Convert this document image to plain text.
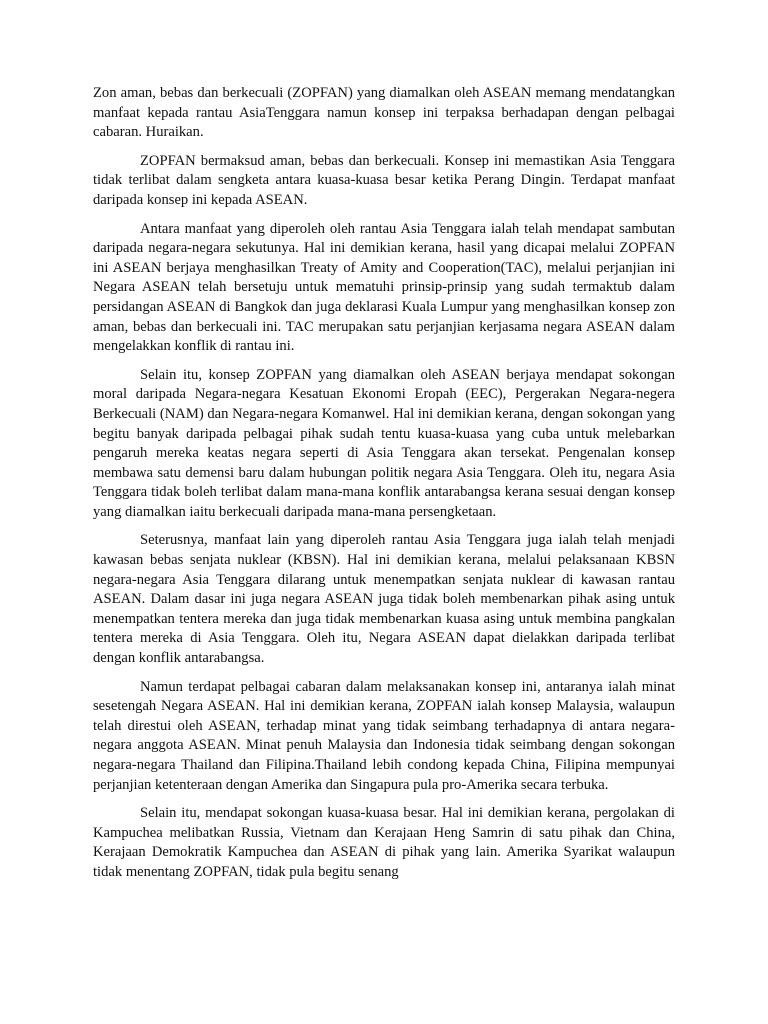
Zon aman, bebas dan berkecuali (ZOPFAN) yang diamalkan oleh ASEAN memang mendatangkan manfaat kepada rantau AsiaTenggara namun konsep ini terpaksa berhadapan dengan pelbagai cabaran. Huraikan.

ZOPFAN bermaksud aman, bebas dan berkecuali. Konsep ini memastikan Asia Tenggara tidak terlibat dalam sengketa antara kuasa-kuasa besar ketika Perang Dingin. Terdapat manfaat daripada konsep ini kepada ASEAN.

Antara manfaat yang diperoleh oleh rantau Asia Tenggara ialah telah mendapat sambutan daripada negara-negara sekutunya. Hal ini demikian kerana, hasil yang dicapai melalui ZOPFAN ini ASEAN berjaya menghasilkan Treaty of Amity and Cooperation(TAC), melalui perjanjian ini Negara ASEAN telah bersetuju untuk mematuhi prinsip-prinsip yang sudah termaktub dalam persidangan ASEAN di Bangkok dan juga deklarasi Kuala Lumpur yang menghasilkan konsep zon aman, bebas dan berkecuali ini. TAC merupakan satu perjanjian kerjasama negara ASEAN dalam mengelakkan konflik di rantau ini.

Selain itu, konsep ZOPFAN yang diamalkan oleh ASEAN berjaya mendapat sokongan moral daripada Negara-negara Kesatuan Ekonomi Eropah (EEC), Pergerakan Negara-negera Berkecuali (NAM) dan Negara-negara Komanwel. Hal ini demikian kerana, dengan sokongan yang begitu banyak daripada pelbagai pihak sudah tentu kuasa-kuasa yang cuba untuk melebarkan pengaruh mereka keatas negara seperti di Asia Tenggara akan tersekat. Pengenalan konsep membawa satu demensi baru dalam hubungan politik negara Asia Tenggara. Oleh itu, negara Asia Tenggara tidak boleh terlibat dalam mana-mana konflik antarabangsa kerana sesuai dengan konsep yang diamalkan iaitu berkecuali daripada mana-mana persengketaan.

Seterusnya, manfaat lain yang diperoleh rantau Asia Tenggara juga ialah telah menjadi kawasan bebas senjata nuklear (KBSN). Hal ini demikian kerana, melalui pelaksanaan KBSN negara-negara Asia Tenggara dilarang untuk menempatkan senjata nuklear di kawasan rantau ASEAN. Dalam dasar ini juga negara ASEAN juga tidak boleh membenarkan pihak asing untuk menempatkan tentera mereka dan juga tidak membenarkan kuasa asing untuk membina pangkalan tentera mereka di Asia Tenggara. Oleh itu, Negara ASEAN dapat dielakkan daripada terlibat dengan konflik antarabangsa.

Namun terdapat pelbagai cabaran dalam melaksanakan konsep ini, antaranya ialah minat sesetengah Negara ASEAN. Hal ini demikian kerana, ZOPFAN ialah konsep Malaysia, walaupun telah direstui oleh ASEAN, terhadap minat yang tidak seimbang terhadapnya di antara negara-negara anggota ASEAN. Minat penuh Malaysia dan Indonesia tidak seimbang dengan sokongan negara-negara Thailand dan Filipina.Thailand lebih condong kepada China, Filipina mempunyai perjanjian ketenteraan dengan Amerika dan Singapura pula pro-Amerika secara terbuka.

Selain itu, mendapat sokongan kuasa-kuasa besar. Hal ini demikian kerana, pergolakan di Kampuchea melibatkan Russia, Vietnam dan Kerajaan Heng Samrin di satu pihak dan China, Kerajaan Demokratik Kampuchea dan ASEAN di pihak yang lain. Amerika Syarikat walaupun tidak menentang ZOPFAN, tidak pula begitu senang
